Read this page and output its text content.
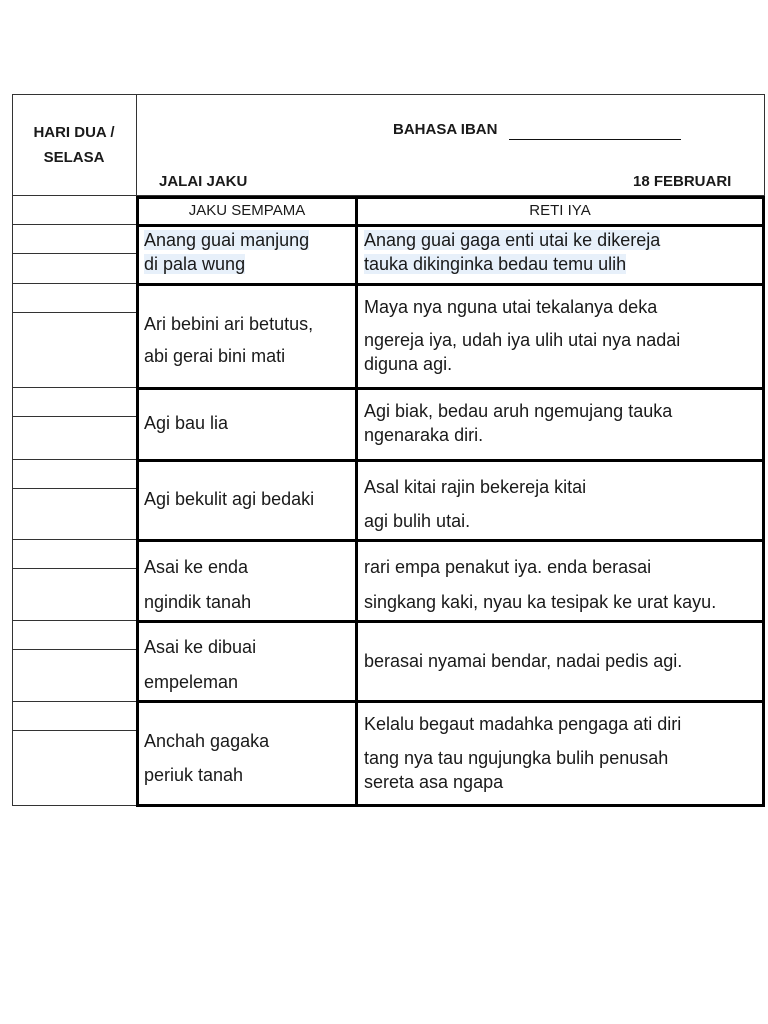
HARI DUA /
SELASA
BAHASA IBAN
JALAI JAKU	18 FEBRUARI
JAKU SEMPAMA	RETI IYA
Anang guai manjung
di pala wung
Anang guai gaga enti utai ke dikereja
tauka dikinginka bedau temu ulih
Ari bebini ari betutus,
abi gerai bini mati
Maya nya nguna utai tekalanya deka
ngereja iya, udah iya ulih utai nya nadai
diguna agi.
Agi bau lia
Agi biak, bedau aruh ngemujang tauka
ngenaraka diri.
Agi bekulit agi bedaki
Asal kitai rajin bekereja kitai
agi bulih utai.
Asai ke enda
ngindik tanah
rari empa penakut iya. enda berasai
singkang kaki, nyau ka tesipak ke urat kayu.
Asai ke dibuai
empeleman
berasai nyamai bendar, nadai pedis agi.
Anchah gagaka
periuk tanah
Kelalu begaut madahka pengaga ati diri
tang nya tau ngujungka bulih penusah
sereta asa ngapa
